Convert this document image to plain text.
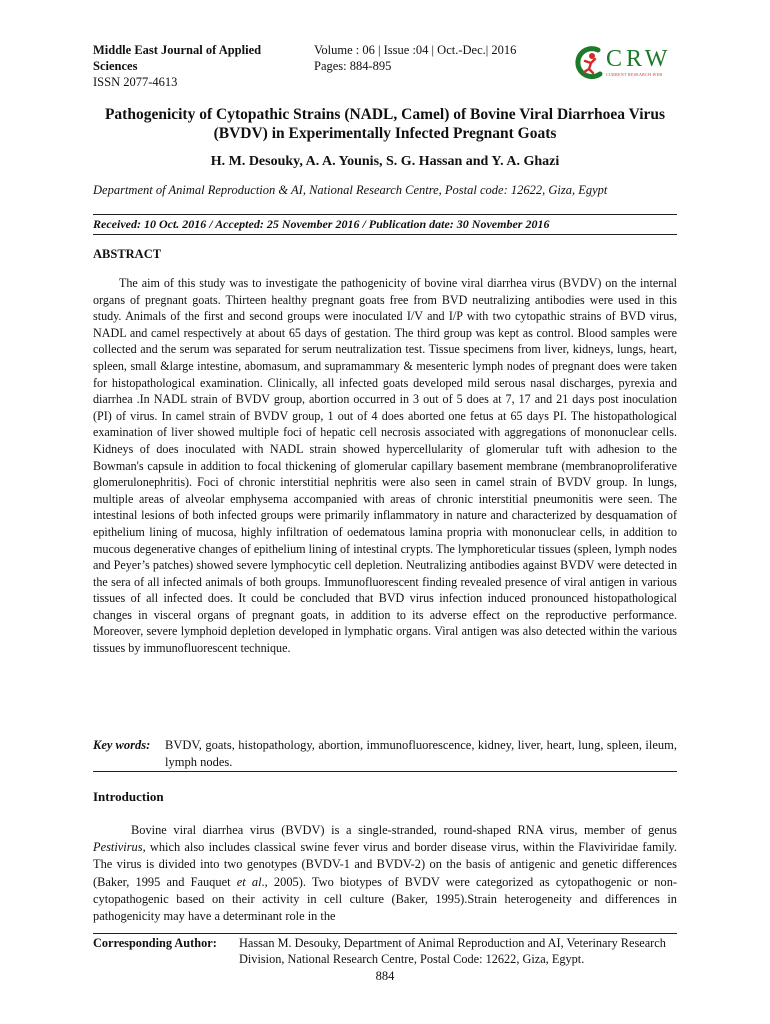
Middle East Journal of Applied
Sciences
ISSN 2077-4613
Volume : 06 | Issue :04 | Oct.-Dec.| 2016
Pages: 884-895	CRW
CURRENT RESEARCH WEB
Pathogenicity of Cytopathic Strains (NADL, Camel) of Bovine Viral Diarrhoea Virus (BVDV) in Experimentally Infected Pregnant Goats
H. M. Desouky, A. A. Younis, S. G. Hassan and Y. A. Ghazi
Department of Animal Reproduction & AI, National Research Centre, Postal code: 12622, Giza, Egypt
Received: 10 Oct. 2016 / Accepted: 25 November 2016 / Publication date: 30 November 2016
ABSTRACT

The aim of this study was to investigate the pathogenicity of bovine viral diarrhea virus (BVDV) on the internal organs of pregnant goats. Thirteen healthy pregnant goats free from BVD neutralizing antibodies were used in this study. Animals of the first and second groups were inoculated I/V and I/P with two cytopathic strains of BVD virus, NADL and camel respectively at about 65 days of gestation. The third group was kept as control. Blood samples were collected and the serum was separated for serum neutralization test. Tissue specimens from liver, kidneys, lungs, heart, spleen, small &large intestine, abomasum, and supramammary & mesenteric lymph nodes of pregnant does were taken for histopathological examination. Clinically, all infected goats developed mild serous nasal discharges, pyrexia and diarrhea .In NADL strain of BVDV group, abortion occurred in 3 out of 5 does at 7, 17 and 21 days post inoculation (PI) of virus. In camel strain of BVDV group, 1 out of 4 does aborted one fetus at 65 days PI. The histopathological examination of liver showed multiple foci of hepatic cell necrosis associated with aggregations of mononuclear cells. Kidneys of does inoculated with NADL strain showed hypercellularity of glomerular tuft with adhesion to the Bowman's capsule in addition to focal thickening of glomerular capillary basement membrane (membranoproliferative glomerulonephritis). Foci of chronic interstitial nephritis were also seen in camel strain of BVDV group. In lungs, multiple areas of alveolar emphysema accompanied with areas of chronic interstitial pneumonitis were seen. The intestinal lesions of both infected groups were primarily inflammatory in nature and characterized by desquamation of epithelium lining of mucosa, highly infiltration of oedematous lamina propria with mononuclear cells, in addition to mucous degenerative changes of epithelium lining of intestinal crypts. The lymphoreticular tissues (spleen, lymph nodes and Peyer’s patches) showed severe lymphocytic cell depletion. Neutralizing antibodies against BVDV were detected in the sera of all infected animals of both groups. Immunofluorescent finding revealed presence of viral antigen in various tissues of all infected does. It could be concluded that BVD virus infection induced pronounced histopathological changes in visceral organs of pregnant goats, in addition to its adverse effect on the reproductive performance. Moreover, severe lymphoid depletion developed in lymphatic organs. Viral antigen was also detected within the various tissues by immunofluorescent technique.

Key words:	BVDV, goats, histopathology, abortion, immunofluorescence, kidney, liver, heart, lung, spleen, ileum, lymph nodes.
Introduction

Bovine viral diarrhea virus (BVDV) is a single-stranded, round-shaped RNA virus, member of genus Pestivirus, which also includes classical swine fever virus and border disease virus, within the Flaviviridae family. The virus is divided into two genotypes (BVDV-1 and BVDV-2) on the basis of antigenic and genetic differences (Baker, 1995 and Fauquet et al., 2005). Two biotypes of BVDV were categorized as cytopathogenic or non-cytopathogenic based on their activity in cell culture (Baker, 1995).Strain heterogeneity and differences in pathogenicity may have a determinant role in the

Corresponding Author:	Hassan M. Desouky, Department of Animal Reproduction and AI, Veterinary Research Division, National Research Centre, Postal Code: 12622, Giza, Egypt.
884
